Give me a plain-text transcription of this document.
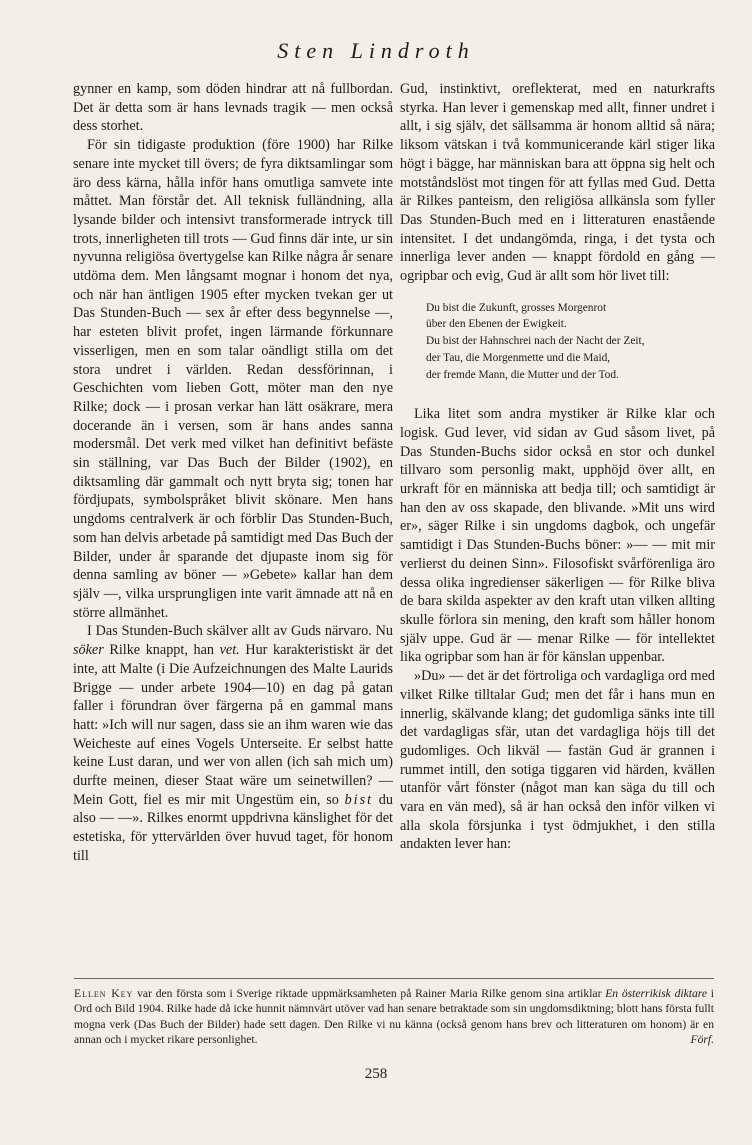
Sten Lindroth

gynner en kamp, som döden hindrar att nå fullbordan. Det är detta som är hans levnads tragik — men också dess storhet.

För sin tidigaste produktion (före 1900) har Rilke senare inte mycket till övers; de fyra diktsamlingar som äro dess kärna, hålla inför hans omutliga samvete inte måttet. Man förstår det. All teknisk fulländning, alla lysande bilder och intensivt transformerade intryck till trots, innerligheten till trots — Gud finns där inte, ur sin nyvunna religiösa övertygelse kan Rilke några år senare utdöma dem. Men långsamt mognar i honom det nya, och när han äntligen 1905 efter mycken tvekan ger ut Das Stunden-Buch — sex år efter dess begynnelse —, har esteten blivit profet, ingen lärmande förkunnare visserligen, men en som talar oändligt stilla om det stora undret i världen. Redan dessförinnan, i Geschichten vom lieben Gott, möter man den nye Rilke; dock — i prosan verkar han lätt osäkrare, mera docerande än i versen, som är hans andes sanna modersmål. Det verk med vilket han definitivt befäste sin ställning, var Das Buch der Bilder (1902), en diktsamling där gammalt och nytt bryta sig; tonen har fördjupats, symbolspråket blivit skönare. Men hans ungdoms centralverk är och förblir Das Stunden-Buch, som han delvis arbetade på samtidigt med Das Buch der Bilder, under år sparande det djupaste inom sig för denna samling av böner — »Gebete» kallar han dem själv —, vilka ursprungligen inte varit ämnade att nå en större allmänhet.

I Das Stunden-Buch skälver allt av Guds närvaro. Nu söker Rilke knappt, han vet. Hur karakteristiskt är det inte, att Malte (i Die Aufzeichnungen des Malte Laurids Brigge — under arbete 1904—10) en dag på gatan faller i förundran över färgerna på en gammal mans hatt: »Ich will nur sagen, dass sie an ihm waren wie das Weicheste auf eines Vogels Unterseite. Er selbst hatte keine Lust daran, und wer von allen (ich sah mich um) durfte meinen, dieser Staat wäre um seinetwillen? — Mein Gott, fiel es mir mit Ungestüm ein, so bist du also — —». Rilkes enormt uppdrivna känslighet för det estetiska, för yttervärlden över huvud taget, för honom till

Gud, instinktivt, oreflekterat, med en naturkrafts styrka. Han lever i gemenskap med allt, finner undret i allt, i sig själv, det sällsamma är honom alltid så nära; liksom vätskan i två kommunicerande kärl stiger lika högt i bägge, har människan bara att öppna sig helt och motståndslöst mot tingen för att fyllas med Gud. Detta är Rilkes panteism, den religiösa allkänsla som fyller Das Stunden-Buch med en i litteraturen enastående intensitet. I det undangömda, ringa, i det tysta och innerliga lever anden — knappt fördold en gång — ogripbar och evig, Gud är allt som hör livet till:

Du bist die Zukunft, grosses Morgenrot
über den Ebenen der Ewigkeit.
Du bist der Hahnschrei nach der Nacht der Zeit,
der Tau, die Morgenmette und die Maid,
der fremde Mann, die Mutter und der Tod.

Lika litet som andra mystiker är Rilke klar och logisk. Gud lever, vid sidan av Gud såsom livet, på Das Stunden-Buchs sidor också en stor och dunkel tillvaro som personlig makt, upphöjd över allt, en urkraft för en människa att bedja till; och samtidigt är han den av oss skapade, den blivande. »Mit uns wird er», säger Rilke i sin ungdoms dagbok, och ungefär samtidigt i Das Stunden-Buchs böner: »— — mit mir verlierst du deinen Sinn». Filosofiskt svårförenliga äro dessa olika ingredienser säkerligen — för Rilke bliva de bara skilda aspekter av den kraft utan vilken allting skulle förlora sin mening, den kraft som håller honom själv uppe. Gud är — menar Rilke — för intellektet lika ogripbar som han är för känslan uppenbar.

»Du» — det är det förtroliga och vardagliga ord med vilket Rilke tilltalar Gud; men det får i hans mun en innerlig, skälvande klang; det gudomliga sänks inte till det vardagligas sfär, utan det vardagliga höjs till det gudomliges. Och likväl — fastän Gud är grannen i rummet intill, den sotiga tiggaren vid härden, kvällen utanför vårt fönster (något man kan säga du till och vara en vän med), så är han också den inför vilken vi alla skola försjunka i tyst ödmjukhet, i den stilla andakten lever han:

Ellen Key var den första som i Sverige riktade uppmärksamheten på Rainer Maria Rilke genom sina artiklar En österrikisk diktare i Ord och Bild 1904. Rilke hade då icke hunnit nämnvärt utöver vad han senare betraktade som sin ungdomsdiktning; blott hans första fullt mogna verk (Das Buch der Bilder) hade sett dagen. Den Rilke vi nu känna (också genom hans brev och litteraturen om honom) är en annan och i mycket rikare personlighet.	Förf.
258
